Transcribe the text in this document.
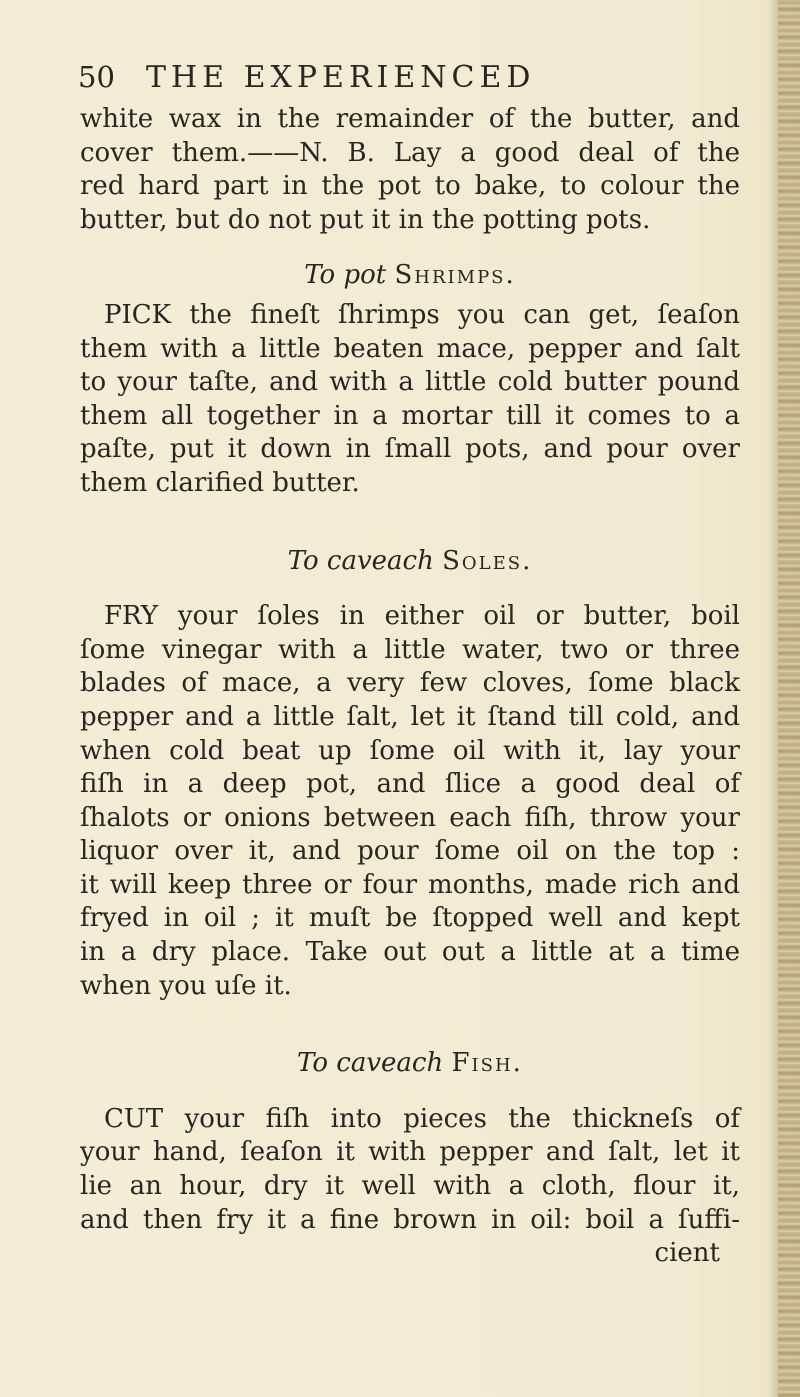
50 THE EXPERIENCED
white wax in the remainder of the butter, and
cover them.——N. B. Lay a good deal of the
red hard part in the pot to bake, to colour the
butter, but do not put it in the potting pots.
To pot Shrimps.
PICK the fineſt ſhrimps you can get, ſeaſon
them with a little beaten mace, pepper and ſalt
to your taſte, and with a little cold butter pound
them all together in a mortar till it comes to a
paſte, put it down in ſmall pots, and pour over
them clarified butter.
To caveach Soles.
FRY your ſoles in either oil or butter, boil
ſome vinegar with a little water, two or three
blades of mace, a very few cloves, ſome black
pepper and a little ſalt, let it ſtand till cold, and
when cold beat up ſome oil with it, lay your
fiſh in a deep pot, and ſlice a good deal of
ſhalots or onions between each fiſh, throw your
liquor over it, and pour ſome oil on the top :
it will keep three or four months, made rich and
fryed in oil ; it muſt be ſtopped well and kept
in a dry place. Take out out a little at a time
when you uſe it.
To caveach Fish.
CUT your fiſh into pieces the thickneſs of
your hand, ſeaſon it with pepper and ſalt, let it
lie an hour, dry it well with a cloth, flour it,
and then fry it a fine brown in oil: boil a ſuffi-
cient
